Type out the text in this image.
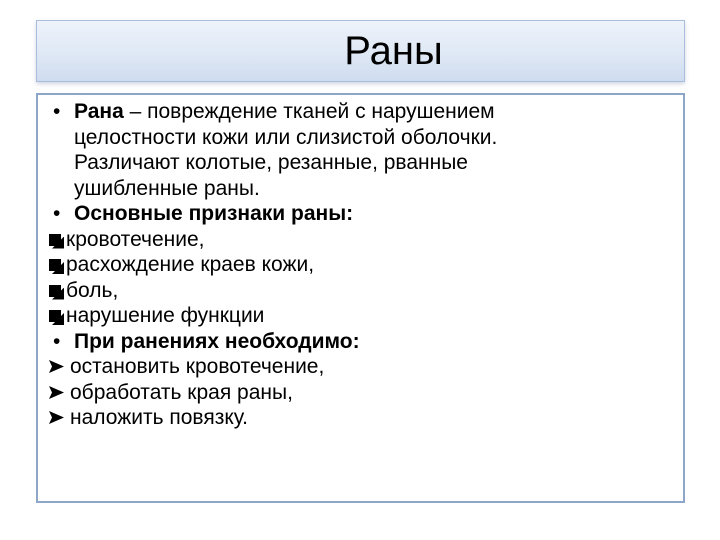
Раны
• Рана – повреждение тканей с нарушением
целостности кожи или слизистой оболочки.
Различают колотые, резанные, рванные
ушибленные раны.
• Основные признаки раны:
кровотечение,
расхождение краев кожи,
боль,
нарушение функции
• При ранениях необходимо:
остановить кровотечение,
обработать края раны,
наложить повязку.
